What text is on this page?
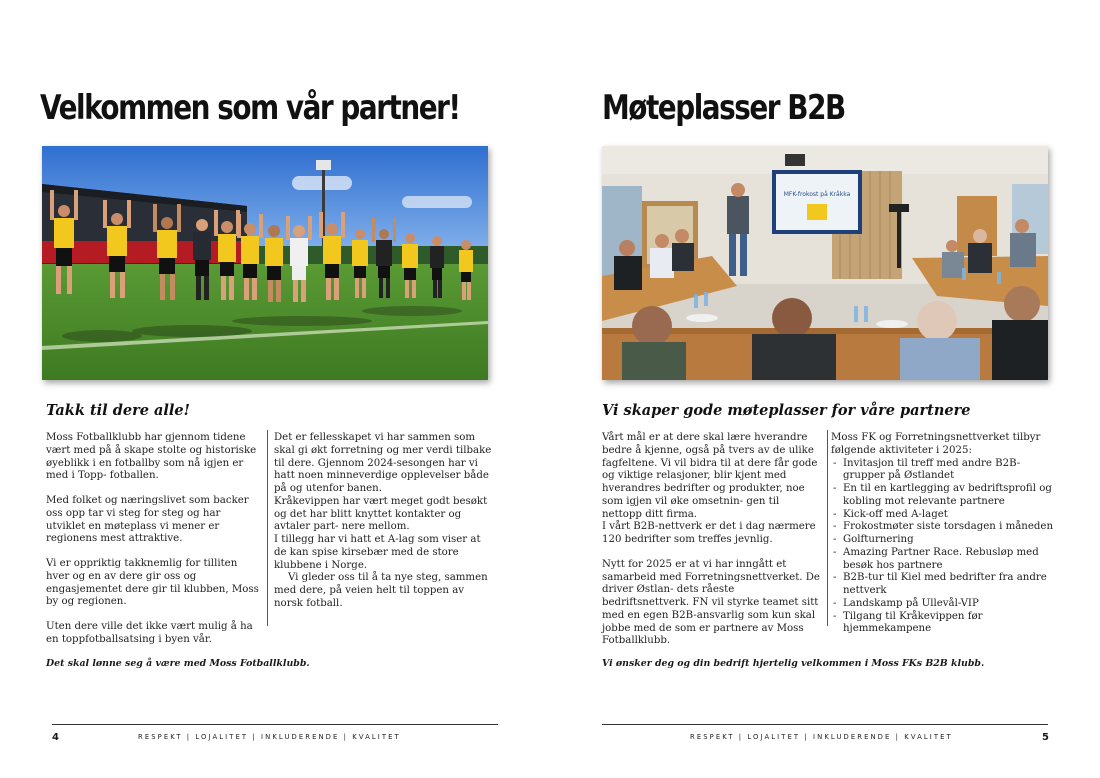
Velkommen som vår partner!
Takk til dere alle!

Moss Fotballklubb har gjennom tidene vært med på å skape stolte og historiske øyeblikk i en fotballby som nå igjen er med i Topp- fotballen.

Med folket og næringslivet som backer oss opp tar vi steg for steg og har utviklet en møteplass vi mener er regionens mest attraktive.

Vi er oppriktig takknemlig for tilliten hver og en av dere gir oss og engasjementet dere gir til klubben, Moss by og regionen.

Uten dere ville det ikke vært mulig å ha en toppfotballsatsing i byen vår.

Det er fellesskapet vi har sammen som skal gi økt forretning og mer verdi tilbake til dere. Gjennom 2024-sesongen har vi hatt noen minneverdige opplevelser både på og utenfor banen.

Kråkevippen har vært meget godt besøkt og det har blitt knyttet kontakter og avtaler part- nere mellom.

I tillegg har vi hatt et A-lag som viser at de kan spise kirsebær med de store klubbene i Norge.

Vi gleder oss til å ta nye steg, sammen med dere, på veien helt til toppen av norsk fotball.

Det skal lønne seg å være med Moss Fotballklubb.
4	RESPEKT | LOJALITET | INKLUDERENDE | KVALITET
Møteplasser B2B
MFK-frokost på Kråkka
Vi skaper gode møteplasser for våre partnere

Vårt mål er at dere skal lære hverandre bedre å kjenne, også på tvers av de ulike fagfeltene. Vi vil bidra til at dere får gode og viktige relasjoner, blir kjent med hverandres bedrifter og produkter, noe som igjen vil øke omsetnin- gen til nettopp ditt firma.

I vårt B2B-nettverk er det i dag nærmere 120 bedrifter som treffes jevnlig.

Nytt for 2025 er at vi har inngått et samarbeid med Forretningsnettverket. De driver Østlan- dets råeste bedriftsnettverk. FN vil styrke teamet sitt med en egen B2B-ansvarlig som kun skal jobbe med de som er partnere av Moss Fotballklubb.

Moss FK og Forretningsnettverket tilbyr følgende aktiviteter i 2025:

- Invitasjon til treff med andre B2B-grupper på Østlandet
- En til en kartlegging av bedriftsprofil og kobling mot relevante partnere
- Kick-off med A-laget
- Frokostmøter siste torsdagen i måneden
- Golfturnering
- Amazing Partner Race. Rebusløp med besøk hos partnere
- B2B-tur til Kiel med bedrifter fra andre nettverk
- Landskamp på Ullevål-VIP
- Tilgang til Kråkevippen før hjemmekampene
Vi ønsker deg og din bedrift hjertelig velkommen i Moss FKs B2B klubb.
RESPEKT | LOJALITET | INKLUDERENDE | KVALITET	5
